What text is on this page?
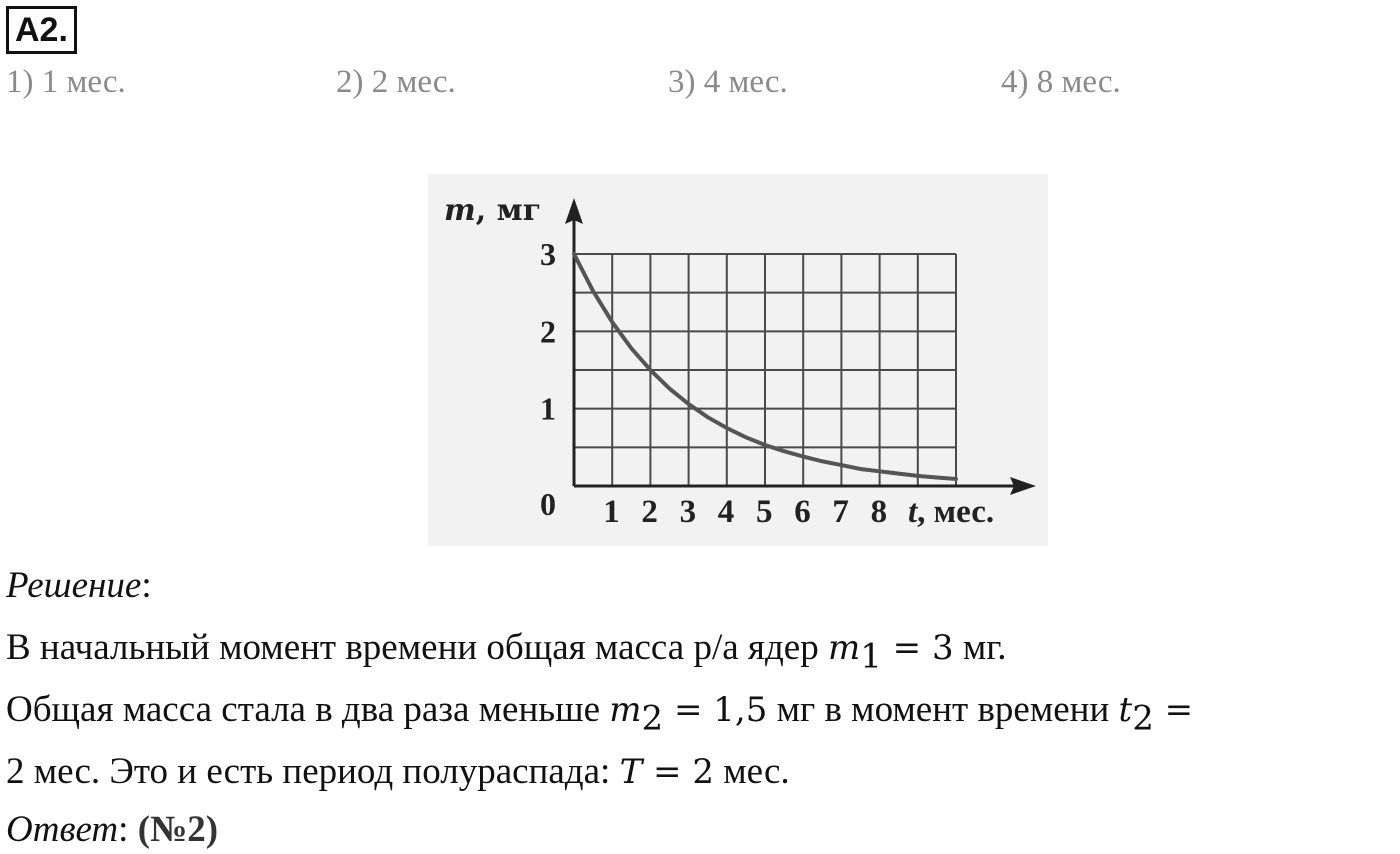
А2.
1) 1 мес.	2) 2 мес.	3) 4 мес.	4) 8 мес.
m, мг
0
1
2
3
1 2 3 4 5 6 7 8 t, мес.
Решение:
В начальный момент времени общая масса р/а ядер $m_1 = 3$ мг.
Общая масса стала в два раза меньше $m_2 = 1,5$ мг в момент времени $t_2$ =
2 мес. Это и есть период полураспада: T = 2 мес.
Ответ: (№2)
